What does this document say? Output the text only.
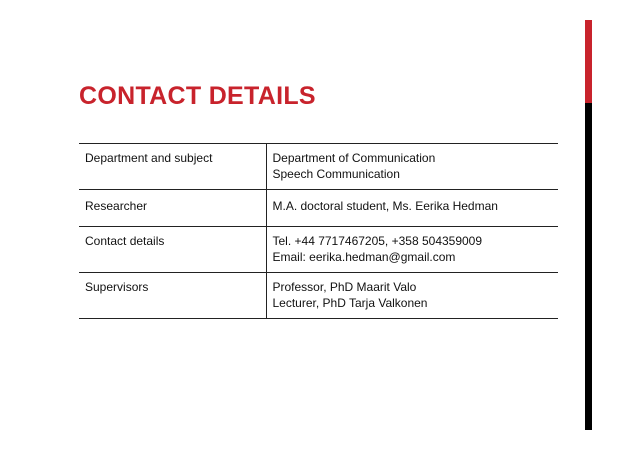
CONTACT DETAILS
Department and subject	Department of Communication
Speech Communication

Researcher	M.A. doctoral student, Ms. Eerika Hedman

Contact details	Tel. +44 7717467205, +358 504359009
Email: eerika.hedman@gmail.com

Supervisors	Professor, PhD Maarit Valo
Lecturer, PhD Tarja Valkonen
